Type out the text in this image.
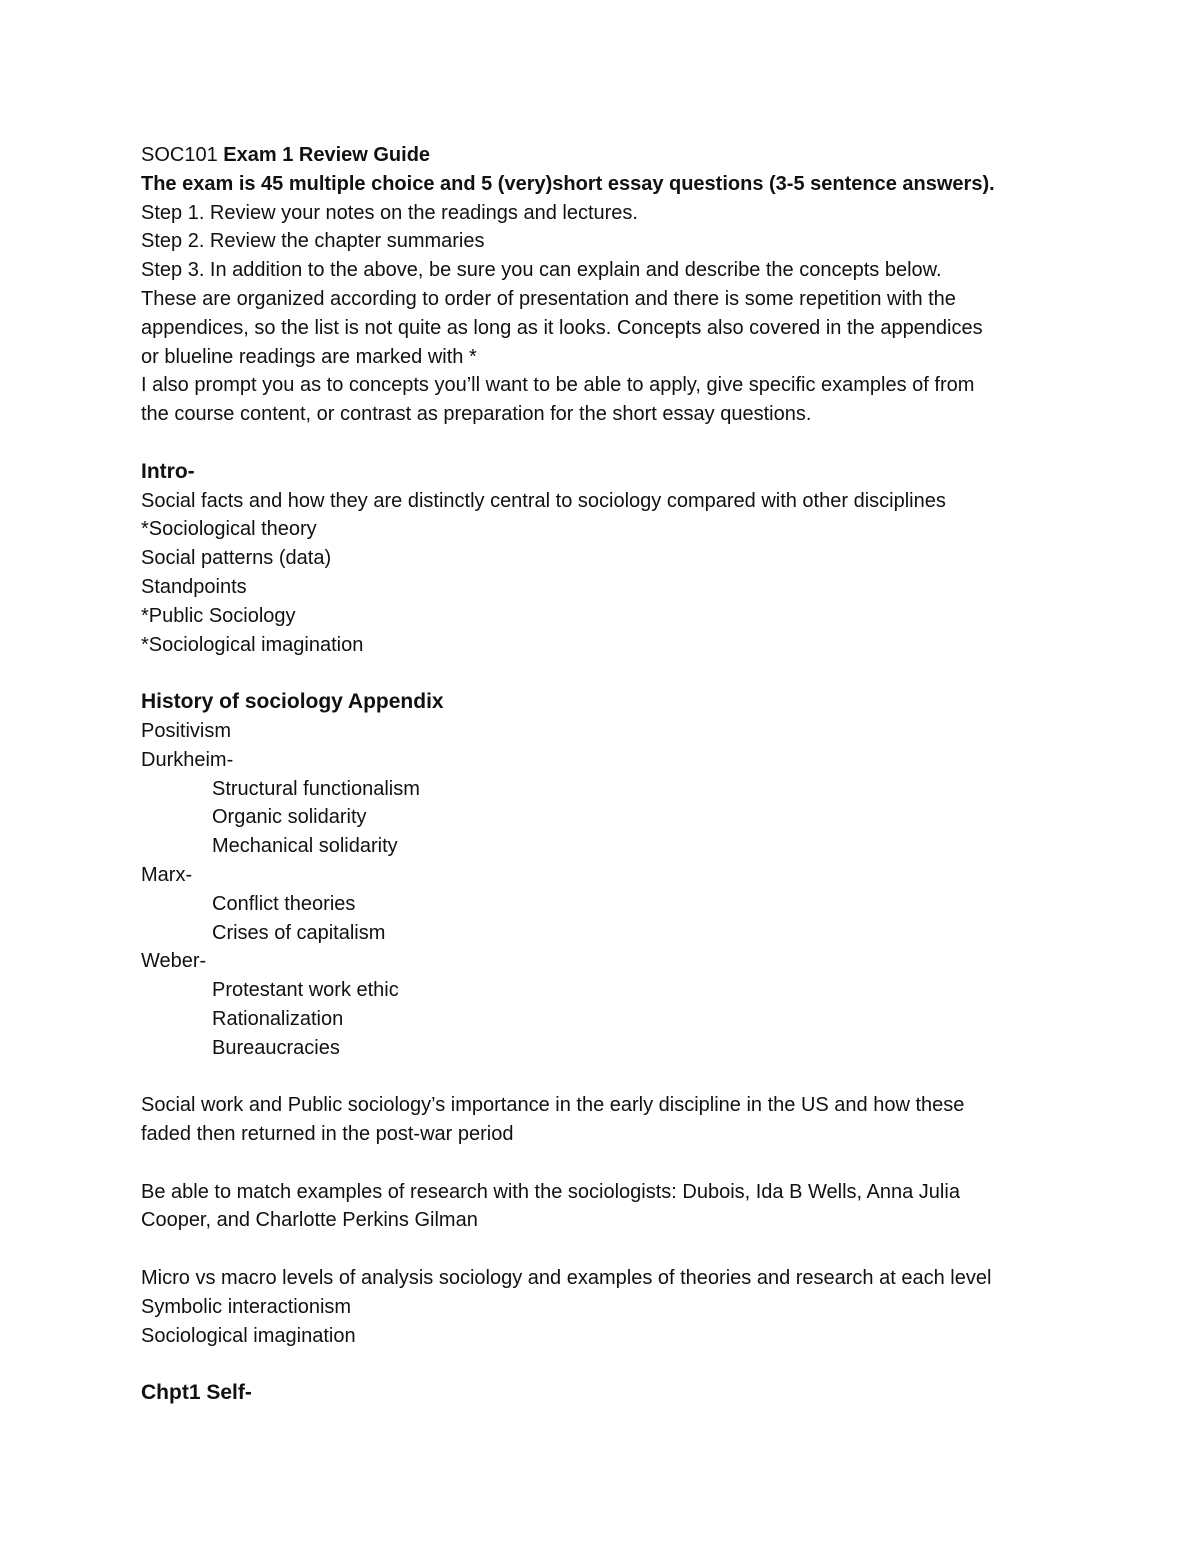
SOC101 Exam 1 Review Guide
The exam is 45 multiple choice and 5 (very)short essay questions (3-5 sentence answers).
Step 1. Review your notes on the readings and lectures.
Step 2. Review the chapter summaries
Step 3. In addition to the above, be sure you can explain and describe the concepts below.
These are organized according to order of presentation and there is some repetition with the
appendices, so the list is not quite as long as it looks. Concepts also covered in the appendices
or blueline readings are marked with *
I also prompt you as to concepts you’ll want to be able to apply, give specific examples of from
the course content, or contrast as preparation for the short essay questions.
Intro-
Social facts and how they are distinctly central to sociology compared with other disciplines
*Sociological theory
Social patterns (data)
Standpoints
*Public Sociology
*Sociological imagination
History of sociology Appendix
Positivism
Durkheim-
Structural functionalism
Organic solidarity
Mechanical solidarity
Marx-
Conflict theories
Crises of capitalism
Weber-
Protestant work ethic
Rationalization
Bureaucracies
Social work and Public sociology’s importance in the early discipline in the US and how these
faded then returned in the post-war period
Be able to match examples of research with the sociologists: Dubois, Ida B Wells, Anna Julia
Cooper, and Charlotte Perkins Gilman
Micro vs macro levels of analysis sociology and examples of theories and research at each level
Symbolic interactionism
Sociological imagination
Chpt1 Self-
